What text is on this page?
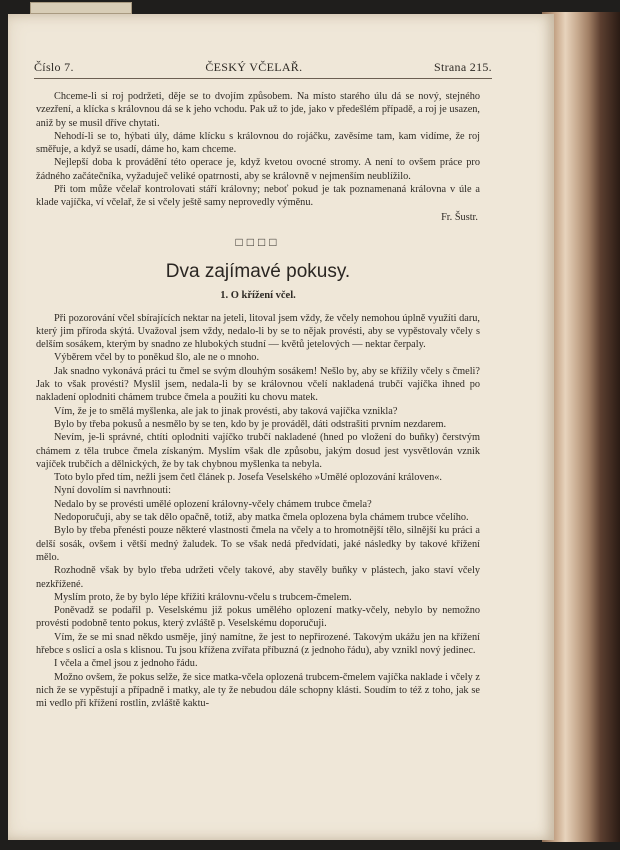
Číslo 7.	ČESKÝ VČELAŘ.	Strana 215.

Chceme-li si roj podržeti, děje se to dvojím způsobem. Na místo starého úlu dá se nový, stejného vzezření, a klícka s královnou dá se k jeho vchodu. Pak už to jde, jako v předešlém případě, a roj je usazen, aniž by se musil dříve chytati.

Nehodí-li se to, hýbati úly, dáme klícku s královnou do rojáčku, zavěsíme tam, kam vidíme, že roj směřuje, a když se usadí, dáme ho, kam chceme.

Nejlepší doba k provádění této operace je, když kvetou ovocné stromy. A není to ovšem práce pro žádného začátečníka, vyžaduječ veliké opatrnosti, aby se královně v nejmenším neublížilo.

Při tom může včelař kontrolovati stáří královny; neboť pokud je tak poznamenaná královna v úle a klade vajíčka, ví včelař, že si včely ještě samy neprovedly výměnu.

Fr. Šustr.
□□□□
Dva zajímavé pokusy.
1. O křížení včel.

Při pozorování včel sbírajících nektar na jeteli, litoval jsem vždy, že včely nemohou úplně využíti daru, který jim příroda skýtá. Uvažoval jsem vždy, nedalo-li by se to nějak provésti, aby se vypěstovaly včely s delším sosákem, kterým by snadno ze hlubokých studní — květů jetelových — nektar čerpaly.

Výběrem včel by to poněkud šlo, ale ne o mnoho.

Jak snadno vykonává práci tu čmel se svým dlouhým sosákem! Nešlo by, aby se křížily včely s čmeli? Jak to však provésti? Myslil jsem, nedala-li by se královnou včelí nakladená trubčí vajíčka ihned po nakladení oplodniti chámem trubce čmela a použiti ku chovu matek.

Vím, že je to smělá myšlenka, ale jak to jinak provésti, aby taková vajíčka vznikla?

Bylo by třeba pokusů a nesmělo by se ten, kdo by je prováděl, dáti odstrašiti prvním nezdarem.

Nevím, je-li správné, chtíti oplodniti vajíčko trubčí nakladené (hned po vložení do buňky) čerstvým chámem z těla trubce čmela získaným. Myslím však dle způsobu, jakým dosud jest vysvětlován vznik vajíček trubčích a dělnických, že by tak chybnou myšlenka ta nebyla.

Toto bylo před tím, nežli jsem četl článek p. Josefa Veselského »Umělé oplozování královen«.

Nyní dovolím si navrhnouti:

Nedalo by se provésti umělé oplození královny-včely chámem trubce čmela?

Nedoporučuji, aby se tak dělo opačně, totiž, aby matka čmela oplozena byla chámem trubce včelího.

Bylo by třeba přenésti pouze některé vlastnosti čmela na včely a to hromotnější tělo, silnější ku práci a delší sosák, ovšem i větší medný žaludek. To se však nedá předvídati, jaké následky by takové křížení mělo.

Rozhodně však by bylo třeba udržeti včely takové, aby stavěly buňky v plástech, jako staví včely nezkřížené.

Myslím proto, že by bylo lépe křížiti královnu-včelu s trubcem-čmelem.

Poněvadž se podařil p. Veselskému již pokus umělého oplození matky-včely, nebylo by nemožno provésti podobně tento pokus, který zvláště p. Veselskému doporučuji.

Vím, že se mi snad někdo usměje, jiný namítne, že jest to nepřirozené. Takovým ukážu jen na křížení hřebce s oslicí a osla s klisnou. Tu jsou křížena zvířata příbuzná (z jednoho řádu), aby vznikl nový jedinec.

I včela a čmel jsou z jednoho řádu.

Možno ovšem, že pokus selže, že sice matka-včela oplozená trubcem-čmelem vajíčka naklade i včely z nich že se vypěstují a případně i matky, ale ty že nebudou dále schopny klásti. Soudím to též z toho, jak se mi vedlo při křížení rostlin, zvláště kaktu-
